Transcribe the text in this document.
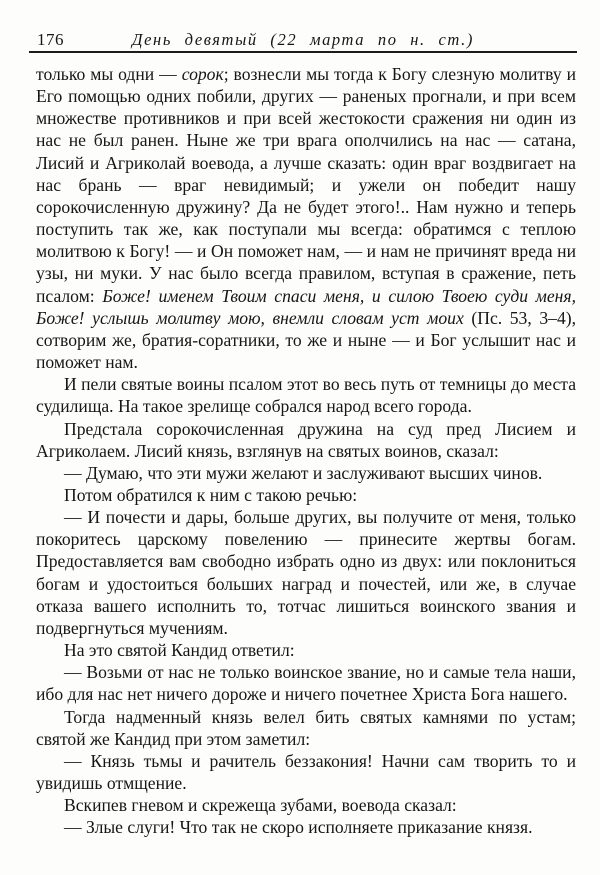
176	День девятый (22 марта по н. ст.)

только мы одни — сорок; вознесли мы тогда к Богу слезную молитву и Его помощью одних побили, других — раненых прогнали, и при всем множестве противников и при всей жестокости сражения ни один из нас не был ранен. Ныне же три врага ополчились на нас — сатана, Лисий и Агриколай воевода, а лучше сказать: один враг воздвигает на нас брань — враг невидимый; и ужели он победит нашу сорокочисленную дружину? Да не будет этого!.. Нам нужно и теперь поступить так же, как поступали мы всегда: обратимся с теплою молитвою к Богу! — и Он поможет нам, — и нам не причинят вреда ни узы, ни муки. У нас было всегда правилом, вступая в сражение, петь псалом: Боже! именем Твоим спаси меня, и силою Твоею суди меня, Боже! услышь молитву мою, внемли словам уст моих (Пс. 53, 3–4), сотворим же, братия-соратники, то же и ныне — и Бог услышит нас и поможет нам.

И пели святые воины псалом этот во весь путь от темницы до места судилища. На такое зрелище собрался народ всего города.

Предстала сорокочисленная дружина на суд пред Лисием и Агриколаем. Лисий князь, взглянув на святых воинов, сказал:

— Думаю, что эти мужи желают и заслуживают высших чинов.

Потом обратился к ним с такою речью:

— И почести и дары, больше других, вы получите от меня, только покоритесь царскому повелению — принесите жертвы богам. Предоставляется вам свободно избрать одно из двух: или поклониться богам и удостоиться больших наград и почестей, или же, в случае отказа вашего исполнить то, тотчас лишиться воинского звания и подвергнуться мучениям.

На это святой Кандид ответил:

— Возьми от нас не только воинское звание, но и самые тела наши, ибо для нас нет ничего дороже и ничего почетнее Христа Бога нашего.

Тогда надменный князь велел бить святых камнями по устам; святой же Кандид при этом заметил:

— Князь тьмы и рачитель беззакония! Начни сам творить то и увидишь отмщение.

Вскипев гневом и скрежеща зубами, воевода сказал:

— Злые слуги! Что так не скоро исполняете приказание князя.
